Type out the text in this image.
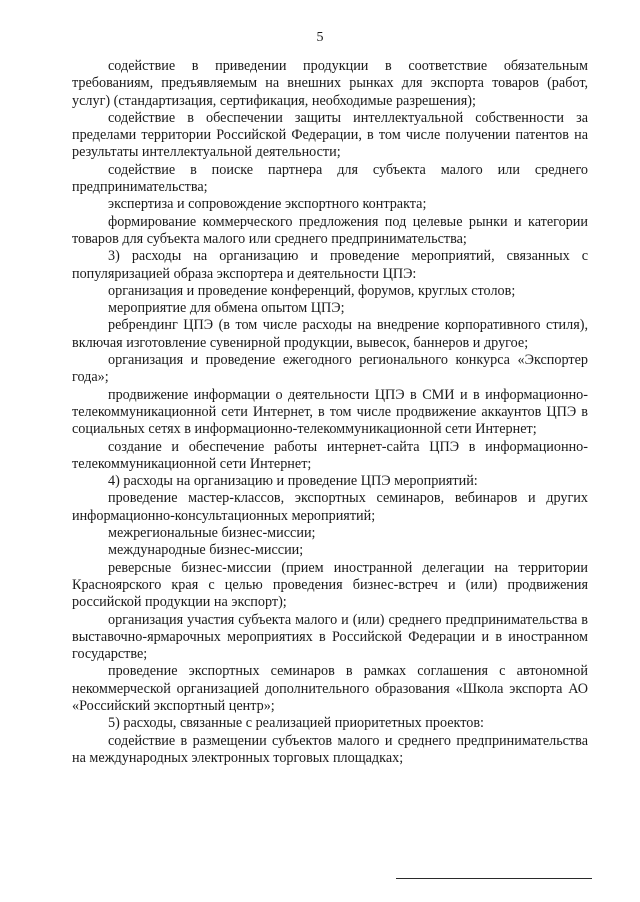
5

содействие в приведении продукции в соответствие обязательным требованиям, предъявляемым на внешних рынках для экспорта товаров (работ, услуг) (стандартизация, сертификация, необходимые разрешения);

содействие в обеспечении защиты интеллектуальной собственности за пределами территории Российской Федерации, в том числе получении патентов на результаты интеллектуальной деятельности;

содействие в поиске партнера для субъекта малого или среднего предпринимательства;

экспертиза и сопровождение экспортного контракта;

формирование коммерческого предложения под целевые рынки и категории товаров для субъекта малого или среднего предпринимательства;

3) расходы на организацию и проведение мероприятий, связанных с популяризацией образа экспортера и деятельности ЦПЭ:

организация и проведение конференций, форумов, круглых столов;

мероприятие для обмена опытом ЦПЭ;

ребрендинг ЦПЭ (в том числе расходы на внедрение корпоративного стиля), включая изготовление сувенирной продукции, вывесок, баннеров и другое;

организация и проведение ежегодного регионального конкурса «Экспортер года»;

продвижение информации о деятельности ЦПЭ в СМИ и в информационно-телекоммуникационной сети Интернет, в том числе продвижение аккаунтов ЦПЭ в социальных сетях в информационно-телекоммуникационной сети Интернет;

создание и обеспечение работы интернет-сайта ЦПЭ в информационно-телекоммуникационной сети Интернет;

4) расходы на организацию и проведение ЦПЭ мероприятий:

проведение мастер-классов, экспортных семинаров, вебинаров и других информационно-консультационных мероприятий;

межрегиональные бизнес-миссии;

международные бизнес-миссии;

реверсные бизнес-миссии (прием иностранной делегации на территории Красноярского края с целью проведения бизнес-встреч и (или) продвижения российской продукции на экспорт);

организация участия субъекта малого и (или) среднего предпринимательства в выставочно-ярмарочных мероприятиях в Российской Федерации и в иностранном государстве;

проведение экспортных семинаров в рамках соглашения с автономной некоммерческой организацией дополнительного образования «Школа экспорта АО «Российский экспортный центр»;

5) расходы, связанные с реализацией приоритетных проектов:

содействие в размещении субъектов малого и среднего предпринимательства на международных электронных торговых площадках;
